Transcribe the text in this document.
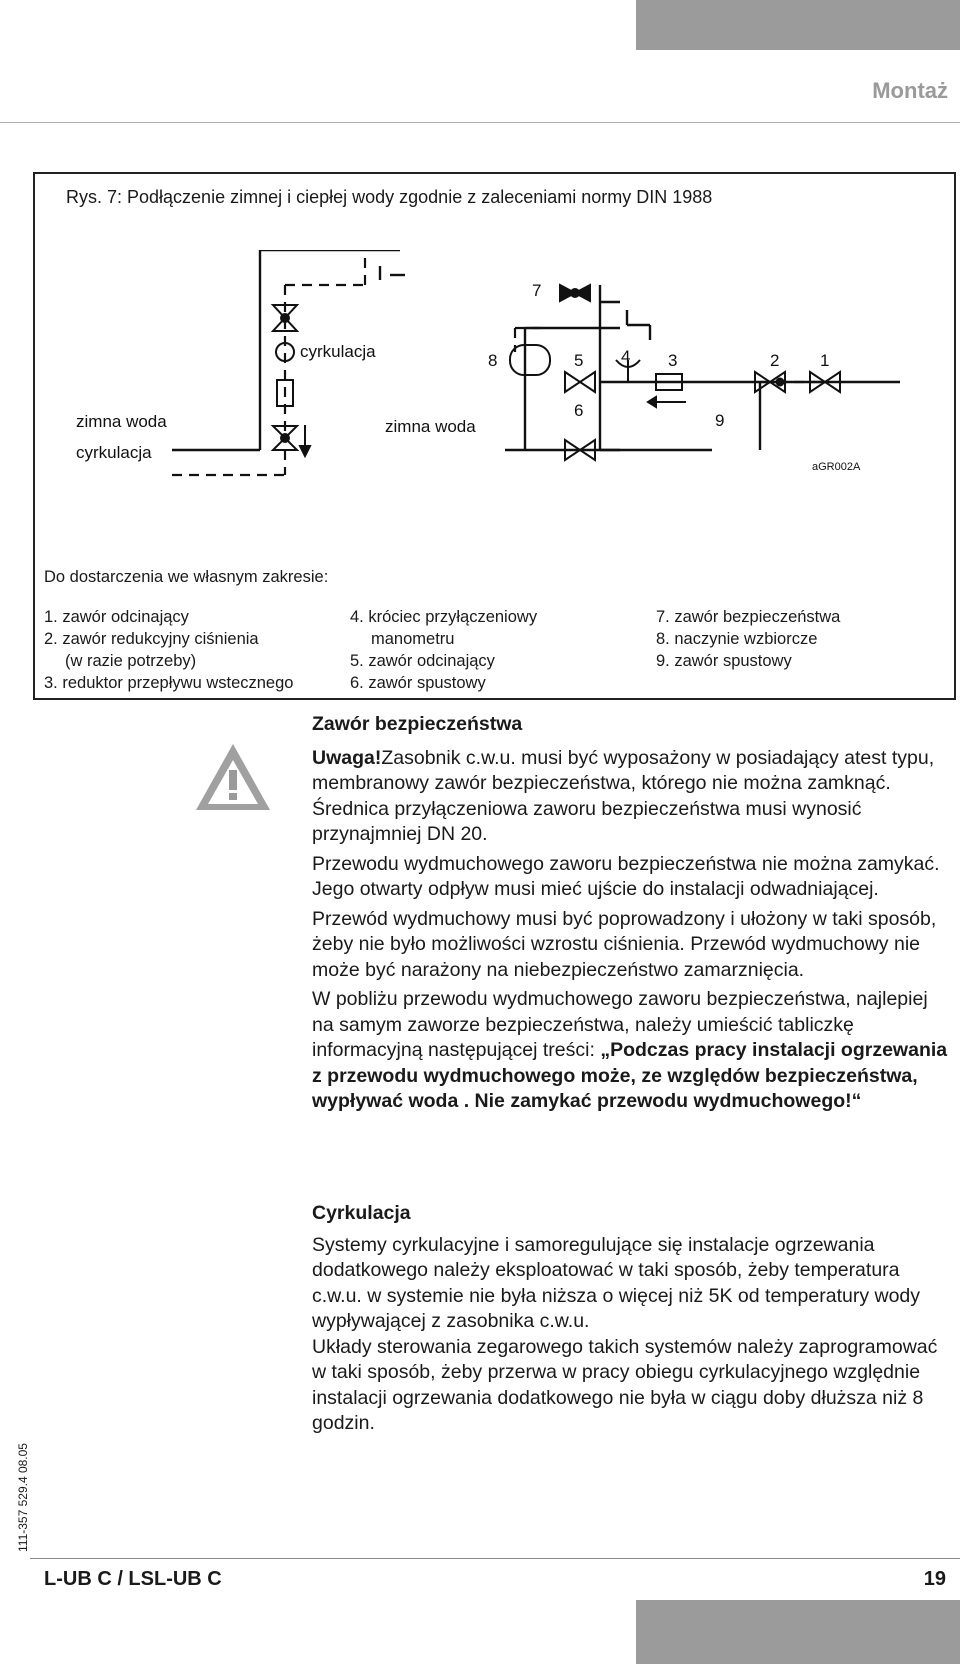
Montaż
Rys. 7: Podłączenie zimnej i ciepłej wody zgodnie z zaleceniami normy DIN 1988
cyrkulacja
zimna woda
cyrkulacja
zimna woda
7
8	5 4 3	2 1
6
9
aGR002A
Do dostarczenia we własnym zakresie:
1. zawór odcinający
2. zawór redukcyjny ciśnienia
(w razie potrzeby)
3. reduktor przepływu wstecznego
4. króciec przyłączeniowy
manometru
5. zawór odcinający
6. zawór spustowy
7. zawór bezpieczeństwa
8. naczynie wzbiorcze
9. zawór spustowy
Zawór bezpieczeństwa

Uwaga!Zasobnik c.w.u. musi być wyposażony w posiadający atest typu, membranowy zawór bezpieczeństwa, którego nie można zamknąć. Średnica przyłączeniowa zaworu bezpieczeństwa musi wynosić przynajmniej DN 20.

Przewodu wydmuchowego zaworu bezpieczeństwa nie można zamykać. Jego otwarty odpływ musi mieć ujście do instalacji odwadniającej.

Przewód wydmuchowy musi być poprowadzony i ułożony w taki sposób, żeby nie było możliwości wzrostu ciśnienia. Przewód wydmuchowy nie może być narażony na niebezpieczeństwo zamarznięcia.

W pobliżu przewodu wydmuchowego zaworu bezpieczeństwa, najlepiej na samym zaworze bezpieczeństwa, należy umieścić tabliczkę informacyjną następującej treści: „Podczas pracy instalacji ogrzewania z przewodu wydmuchowego może, ze względów bezpieczeństwa, wypływać woda . Nie zamykać przewodu wydmuchowego!“

Cyrkulacja

Systemy cyrkulacyjne i samoregulujące się instalacje ogrzewania dodatkowego należy eksploatować w taki sposób, żeby temperatura c.w.u. w systemie nie była niższa o więcej niż 5K od temperatury wody wypływającej z zasobnika c.w.u.

Układy sterowania zegarowego takich systemów należy zaprogramować w taki sposób, żeby przerwa w pracy obiegu cyrkulacyjnego względnie instalacji ogrzewania dodatkowego nie była w ciągu doby dłuższa niż 8 godzin.

111-357 529.4 08.05
L-UB C / LSL-UB C	19
